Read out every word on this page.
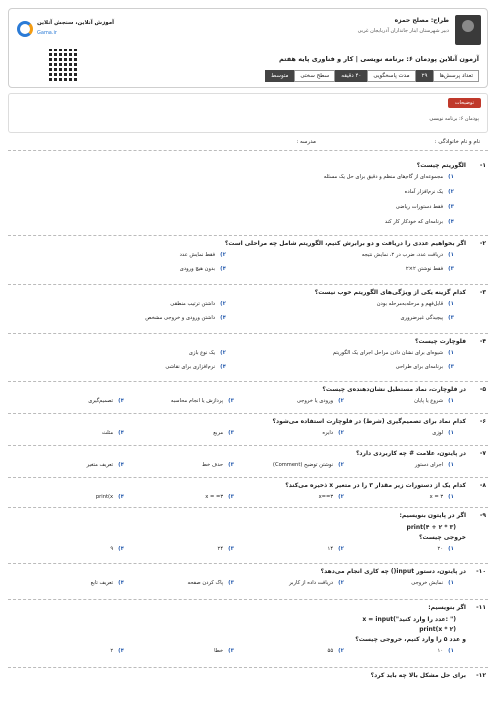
طراح: مصلح حمزه
دبیر شهرستان اینار جانداران آذربایجان غربی
آموزش آنلاین، سنجش آنلاین
Gama.ir
آزمون آنلاین پودمان ۶: برنامه نویسی | کار و فناوری پایه هفتم
تعداد پرسش‌ها
۲۹
مدت پاسخگویی
۴۰ دقیقه
سطح سختی
متوسط
توضیحات
پودمان ۶: برنامه نویسی
نام و نام خانوادگی :
مدرسه :
۱-
الگوریتم چیست؟
۱)
مجموعه‌ای از گام‌های منظم و دقیق برای حل یک مسئله
۲)
یک نرم‌افزار آماده
۳)
فقط دستورات ریاضی
۴)
برنامه‌ای که خودکار کار کند
۲-
اگر بخواهیم عددی را دریافت و دو برابرش کنیم، الگوریتم شامل چه مراحلی است؟
۱)
دریافت عدد، ضرب در ۲، نمایش نتیجه
۲)
فقط نمایش عدد
۳)
فقط نوشتن ۲×۲
۴)
بدون هیچ ورودی
۳-
کدام گزینه یکی از ویژگی‌های الگوریتم خوب نیست؟
۱)
قابل‌فهم و مرحله‌به‌مرحله بودن
۲)
داشتن ترتیب منطقی
۳)
پیچیدگی غیرضروری
۴)
داشتن ورودی و خروجی مشخص
۴-
فلوچارت چیست؟
۱)
شیوه‌ای برای نشان دادن مراحل اجرای یک الگوریتم
۲)
یک نوع بازی
۳)
برنامه‌ای برای طراحی
۴)
نرم‌افزاری برای نقاشی
۵-
در فلوچارت، نماد مستطیل نشان‌دهنده‌ی چیست؟
۱)
شروع یا پایان
۲)
ورودی یا خروجی
۳)
پردازش یا انجام محاسبه
۴)
تصمیم‌گیری
۶-
کدام نماد برای تصمیم‌گیری (شرط) در فلوچارت استفاده می‌شود؟
۱)
لوزی
۲)
دایره
۳)
مربع
۴)
مثلث
۷-
در پایتون، علامت # چه کاربردی دارد؟
۱)
اجرای دستور
۲)
نوشتن توضیح (Comment)
۳)
حذف خط
۴)
تعریف متغیر
۸-
کدام یک از دستورات زیر مقدار ۳ را در متغیر x ذخیره می‌کند؟
۱)
x = ۳
۲)
x==۳
۳)
x = =۳
۴)
print(x
۹-
اگر در پایتون بنویسیم:
print(۴ + ۲ * ۳)
خروجی چیست؟
۱)
۲۰
۲)
۱۴
۳)
۲۴
۴)
۹
۱۰-
در پایتون، دستور input() چه کاری انجام می‌دهد؟
۱)
نمایش خروجی
۲)
دریافت داده از کاربر
۳)
پاک کردن صفحه
۴)
تعریف تابع
۱۱-
اگر بنویسیم:
x = input("عدد را وارد کنید: ")
print(x * ۲)
و عدد ۵ را وارد کنیم، خروجی چیست؟
۱)
۱۰
۲)
۵۵
۳)
خطا
۴)
۲
۱۲-
برای حل مشکل بالا چه باید کرد؟
